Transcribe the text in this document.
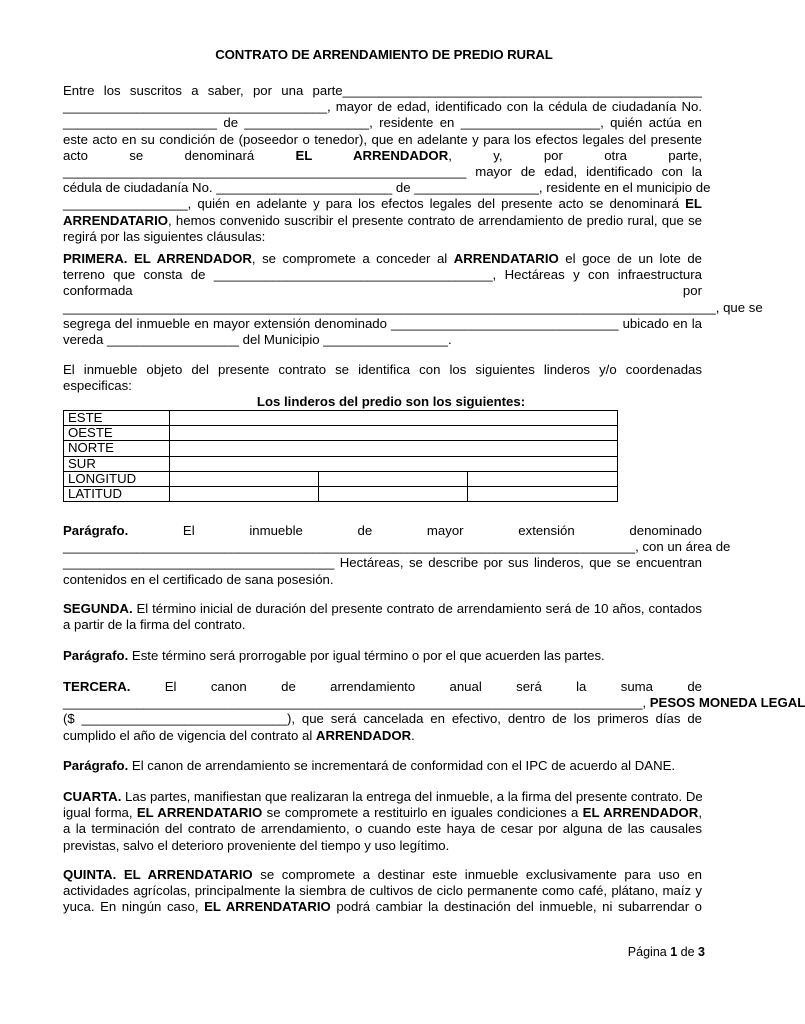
CONTRATO DE ARRENDAMIENTO DE PREDIO RURAL
Entre los suscritos a saber, por una parte_________________________________________________
____________________________________, mayor de edad, identificado con la cédula de ciudadanía No.
_____________________ de _________________, residente en ___________________, quién actúa en
este acto en su condición de (poseedor o tenedor), que en adelante y para los efectos legales del presente
acto se denominará EL ARRENDADOR, y, por otra parte,
_______________________________________________________ mayor de edad, identificado con la
cédula de ciudadanía No. ________________________ de _________________, residente en el municipio de
_________________, quién en adelante y para los efectos legales del presente acto se denominará EL
ARRENDATARIO, hemos convenido suscribir el presente contrato de arrendamiento de predio rural, que se
regirá por las siguientes cláusulas:
PRIMERA. EL ARRENDADOR, se compromete a conceder al ARRENDATARIO el goce de un lote de
terreno que consta de ______________________________________, Hectáreas y con infraestructura
conformada por
_________________________________________________________________________________________, que se
segrega del inmueble en mayor extensión denominado _______________________________ ubicado en la
vereda __________________ del Municipio _________________.
El inmueble objeto del presente contrato se identifica con los siguientes linderos y/o coordenadas
especificas:
Los linderos del predio son los siguientes:
ESTE			
OESTE			
NORTE			
SUR			
LONGITUD			
LATITUD			
Parágrafo. El inmueble de mayor extensión denominado
______________________________________________________________________________, con un área de
_____________________________________ Hectáreas, se describe por sus linderos, que se encuentran
contenidos en el certificado de sana posesión.
SEGUNDA. El término inicial de duración del presente contrato de arrendamiento será de 10 años, contados
a partir de la firma del contrato.
Parágrafo. Este término será prorrogable por igual término o por el que acuerden las partes.
TERCERA. El canon de arrendamiento anual será la suma de
_______________________________________________________________________________, PESOS MONEDA LEGAL
($ ____________________________), que será cancelada en efectivo, dentro de los primeros días de
cumplido el año de vigencia del contrato al ARRENDADOR.
Parágrafo. El canon de arrendamiento se incrementará de conformidad con el IPC de acuerdo al DANE.
CUARTA. Las partes, manifiestan que realizaran la entrega del inmueble, a la firma del presente contrato. De
igual forma, EL ARRENDATARIO se compromete a restituirlo en iguales condiciones a EL ARRENDADOR,
a la terminación del contrato de arrendamiento, o cuando este haya de cesar por alguna de las causales
previstas, salvo el deterioro proveniente del tiempo y uso legítimo.
QUINTA. EL ARRENDATARIO se compromete a destinar este inmueble exclusivamente para uso en
actividades agrícolas, principalmente la siembra de cultivos de ciclo permanente como café, plátano, maíz y
yuca. En ningún caso, EL ARRENDATARIO podrá cambiar la destinación del inmueble, ni subarrendar o
Página 1 de 3
